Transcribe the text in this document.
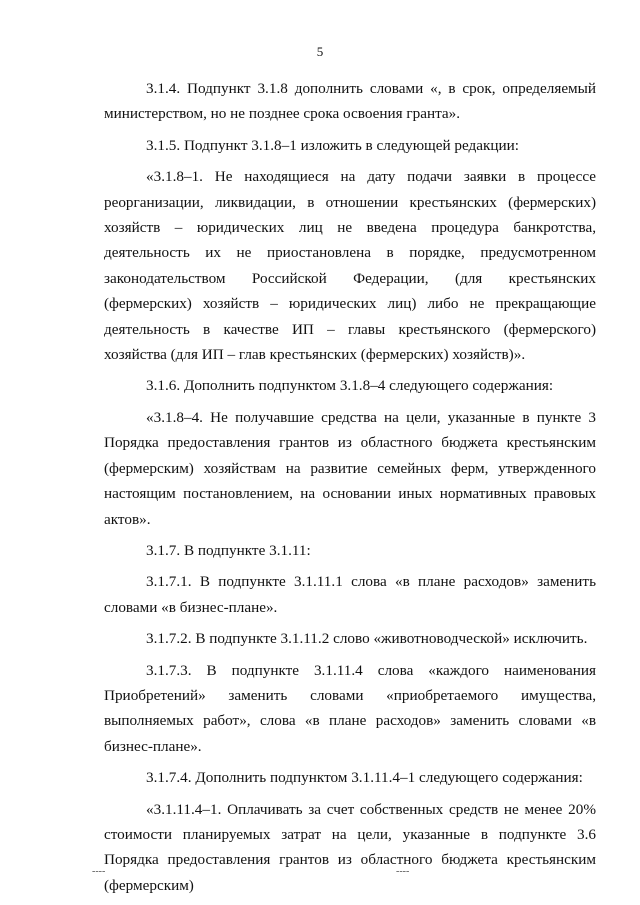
5

3.1.4. Подпункт 3.1.8 дополнить словами «, в срок, определяемый министерством, но не позднее срока освоения гранта».

3.1.5. Подпункт 3.1.8–1 изложить в следующей редакции:

«3.1.8–1. Не находящиеся на дату подачи заявки в процессе реорганизации, ликвидации, в отношении крестьянских (фермерских) хозяйств – юридических лиц не введена процедура банкротства, деятельность их не приостановлена в порядке, предусмотренном законодательством Российской Федерации, (для крестьянских (фермерских) хозяйств – юридических лиц) либо не прекращающие деятельность в качестве ИП – главы крестьянского (фермерского) хозяйства (для ИП – глав крестьянских (фермерских) хозяйств)».

3.1.6. Дополнить подпунктом 3.1.8–4 следующего содержания:

«3.1.8–4. Не получавшие средства на цели, указанные в пункте 3 Порядка предоставления грантов из областного бюджета крестьянским (фермерским) хозяйствам на развитие семейных ферм, утвержденного настоящим постановлением, на основании иных нормативных правовых актов».

3.1.7. В подпункте 3.1.11:

3.1.7.1. В подпункте 3.1.11.1 слова «в плане расходов» заменить словами «в бизнес-плане».

3.1.7.2. В подпункте 3.1.11.2 слово «животноводческой» исключить.

3.1.7.3. В подпункте 3.1.11.4 слова «каждого наименования Приобретений» заменить словами «приобретаемого имущества, выполняемых работ», слова «в плане расходов» заменить словами «в бизнес-плане».

3.1.7.4. Дополнить подпунктом 3.1.11.4–1 следующего содержания:

«3.1.11.4–1. Оплачивать за счет собственных средств не менее 20% стоимости планируемых затрат на цели, указанные в подпункте 3.6 Порядка предоставления грантов из областного бюджета крестьянским (фермерским)

----	----
